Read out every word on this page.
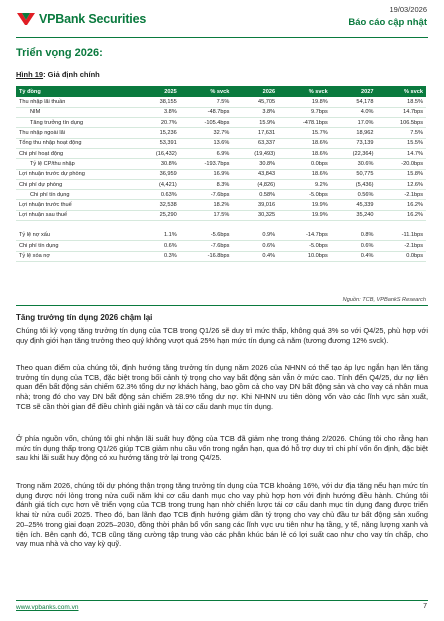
VPBank Securities
19/03/2026
Báo cáo cập nhật
Triển vọng 2026:
Hình 19: Giả định chính
Tỷ đồng	2025	% svck	2026	% svck	2027	% svck
Thu nhập lãi thuần	38,155	7.5%	45,705	19.8%	54,178	18.5%
NIM	3.8%	-48.7bps	3.8%	9.7bps	4.0%	14.7bps
Tăng trưởng tín dụng	20.7%	-105.4bps	15.9%	-478.1bps	17.0%	106.5bps
Thu nhập ngoài lãi	15,236	32.7%	17,631	15.7%	18,962	7.5%
Tổng thu nhập hoạt động	53,391	13.6%	63,337	18.6%	73,139	15.5%
Chi phí hoạt động	(16,432)	6.9%	(19,493)	18.6%	(22,364)	14.7%
Tỷ lệ CP/thu nhập	30.8%	-193.7bps	30.8%	0.0bps	30.6%	-20.0bps
Lợi nhuận trước dự phòng	36,959	16.9%	43,843	18.6%	50,775	15.8%
Chi phí dự phòng	(4,421)	8.3%	(4,826)	9.2%	(5,436)	12.6%
Chi phí tín dụng	0.63%	-7.6bps	0.58%	-5.0bps	0.56%	-2.1bps
Lợi nhuận trước thuế	32,538	18.2%	39,016	19.9%	45,339	16.2%
Lợi nhuận sau thuế	25,290	17.5%	30,325	19.9%	35,240	16.2%

Tỷ lệ nợ xấu	1.1%	-5.6bps	0.9%	-14.7bps	0.8%	-11.1bps
Chi phí tín dụng	0.6%	-7.6bps	0.6%	-5.0bps	0.6%	-2.1bps
Tỷ lệ xóa nợ	0.3%	-16.8bps	0.4%	10.0bps	0.4%	0.0bps
Nguồn: TCB, VPBankS Research
Tăng trưởng tín dụng 2026 chậm lại
Chúng tôi kỳ vọng tăng trưởng tín dụng của TCB trong Q1/26 sẽ duy trì mức thấp, không quá 3% so với Q4/25, phù hợp với quy định giới hạn tăng trưởng theo quý không vượt quá 25% hạn mức tín dụng cả năm (tương đương 12% svck).
Theo quan điểm của chúng tôi, định hướng tăng trưởng tín dụng năm 2026 của NHNN có thể tạo áp lực ngắn hạn lên tăng trưởng tín dụng của TCB, đặc biệt trong bối cảnh tỷ trọng cho vay bất động sản vẫn ở mức cao. Tính đến Q4/25, dư nợ liên quan đến bất động sản chiếm 62.3% tổng dư nợ khách hàng, bao gồm cả cho vay DN bất động sản và cho vay cá nhân mua nhà; trong đó cho vay DN bất động sản chiếm 28.9% tổng dư nợ. Khi NHNN ưu tiên dòng vốn vào các lĩnh vực sản xuất, TCB sẽ cần thời gian để điều chỉnh giải ngân và tái cơ cấu danh mục tín dụng.
Ở phía nguồn vốn, chúng tôi ghi nhận lãi suất huy động của TCB đã giảm nhẹ trong tháng 2/2026. Chúng tôi cho rằng hạn mức tín dụng thấp trong Q1/26 giúp TCB giảm nhu cầu vốn trong ngắn hạn, qua đó hỗ trợ duy trì chi phí vốn ổn định, đặc biệt sau khi lãi suất huy động có xu hướng tăng trở lại trong Q4/25.
Trong năm 2026, chúng tôi dự phóng thận trọng tăng trưởng tín dụng của TCB khoảng 16%, với dư địa tăng nếu hạn mức tín dụng được nới lỏng trong nửa cuối năm khi cơ cấu danh mục cho vay phù hợp hơn với định hướng điều hành. Chúng tôi đánh giá tích cực hơn về triển vọng của TCB trong trung hạn nhờ chiến lược tái cơ cấu danh mục tín dụng đang được triển khai từ nửa cuối 2025. Theo đó, ban lãnh đạo TCB định hướng giảm dần tỷ trọng cho vay chủ đầu tư bất động sản xuống 20–25% trong giai đoạn 2025–2030, đồng thời phân bổ vốn sang các lĩnh vực ưu tiên như hạ tầng, y tế, năng lượng xanh và tiện ích. Bên cạnh đó, TCB cũng tăng cường tập trung vào các phân khúc bán lẻ có lợi suất cao như cho vay tín chấp, cho vay mua nhà và cho vay kỳ quỹ.
www.vpbanks.com.vn	7
